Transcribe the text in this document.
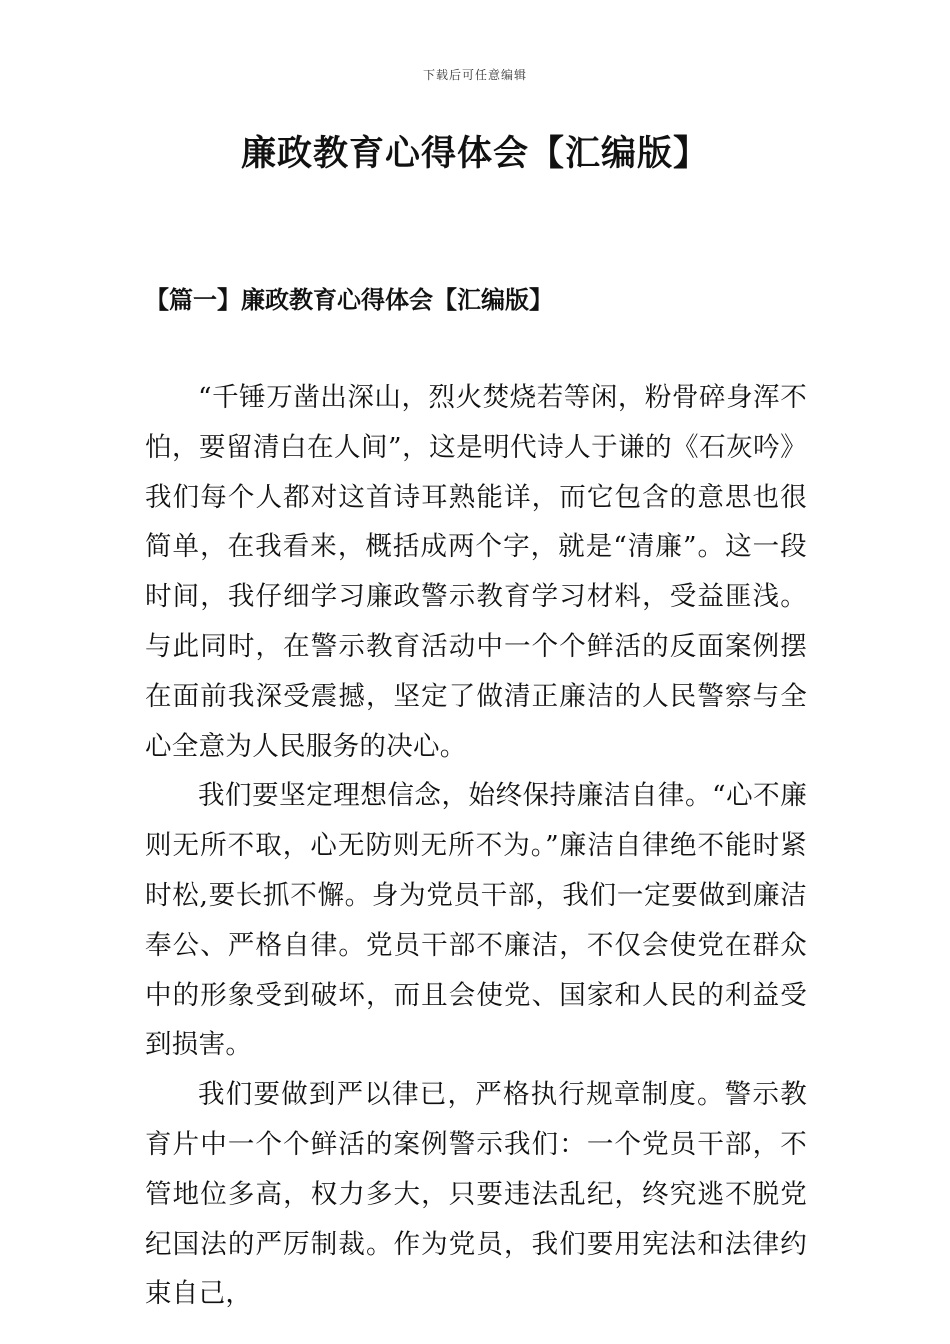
下载后可任意编辑
廉政教育心得体会【汇编版】
【篇一】廉政教育心得体会【汇编版】

“千锤万凿出深山，烈火焚烧若等闲，粉骨碎身浑不怕，要留清白在人间”，这是明代诗人于谦的《石灰吟》我们每个人都对这首诗耳熟能详，而它包含的意思也很简单，在我看来，概括成两个字，就是“清廉”。这一段时间，我仔细学习廉政警示教育学习材料，受益匪浅。与此同时，在警示教育活动中一个个鲜活的反面案例摆在面前我深受震撼，坚定了做清正廉洁的人民警察与全心全意为人民服务的决心。

我们要坚定理想信念，始终保持廉洁自律。“心不廉则无所不取，心无防则无所不为。”廉洁自律绝不能时紧时松,要长抓不懈。身为党员干部，我们一定要做到廉洁奉公、严格自律。党员干部不廉洁，不仅会使党在群众中的形象受到破坏，而且会使党、国家和人民的利益受到损害。

我们要做到严以律已，严格执行规章制度。警示教育片中一个个鲜活的案例警示我们：一个党员干部，不管地位多高，权力多大，只要违法乱纪，终究逃不脱党纪国法的严厉制裁。作为党员，我们要用宪法和法律约束自己，
